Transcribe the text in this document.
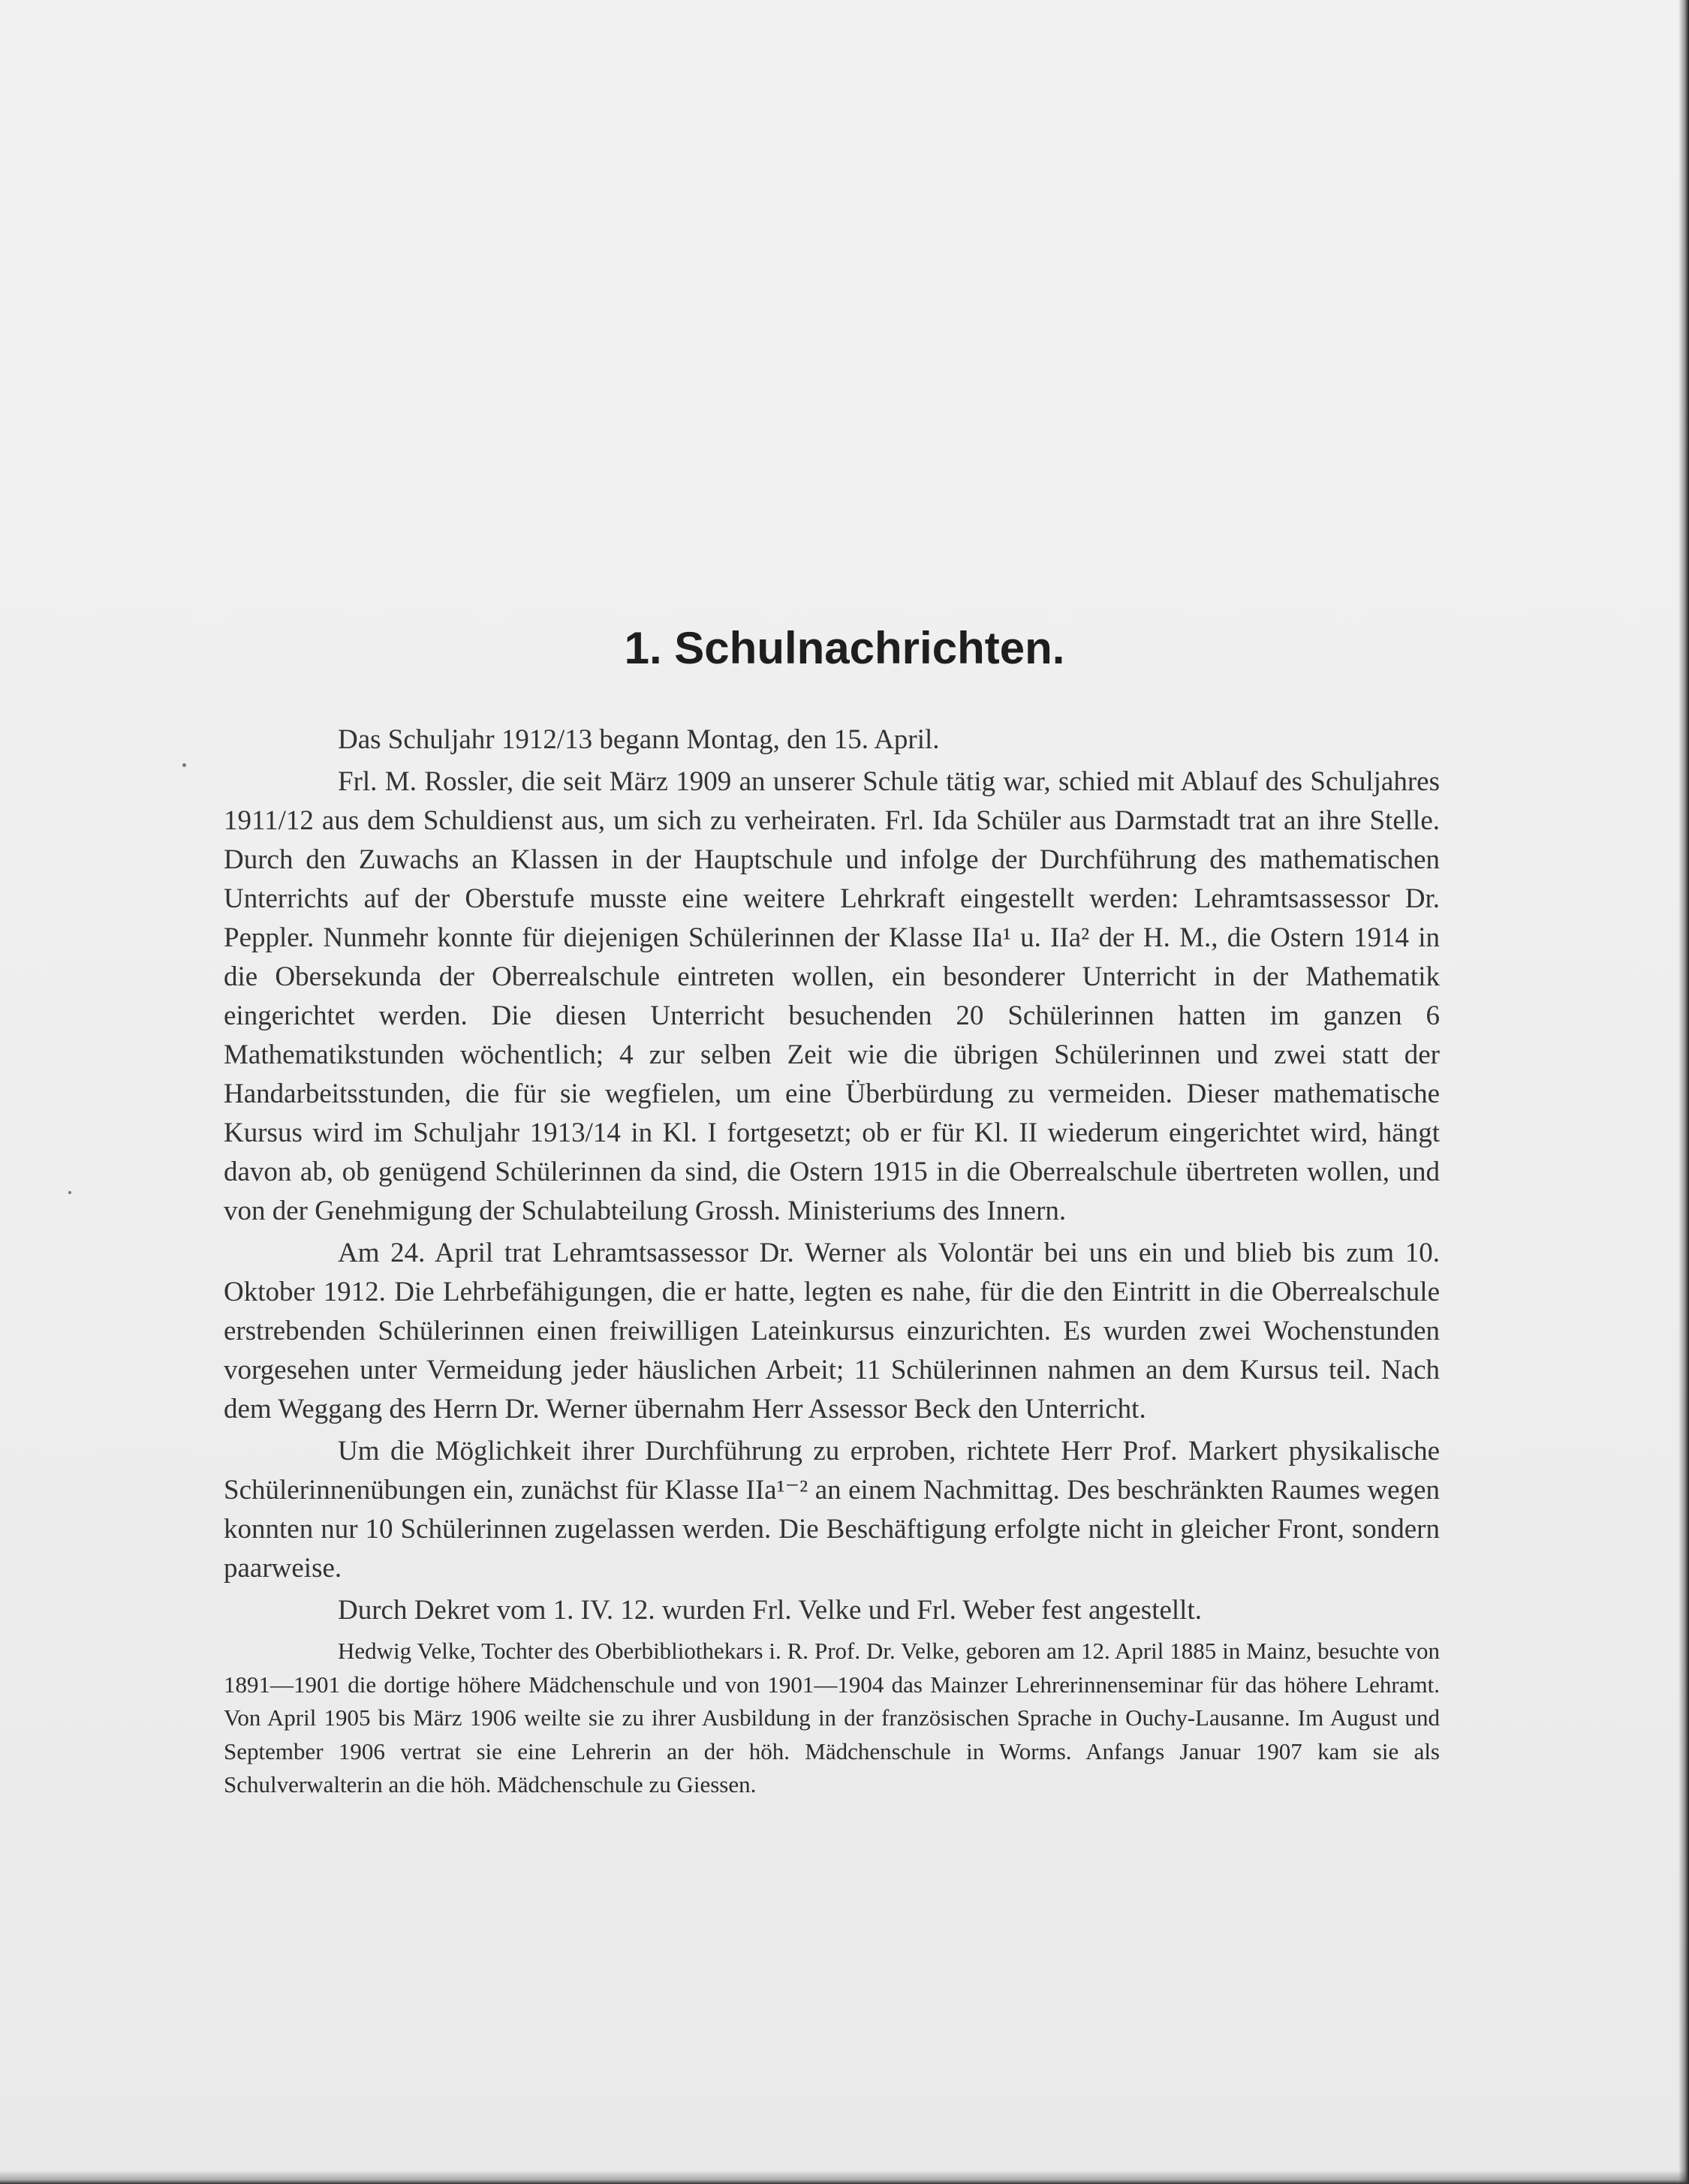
1. Schulnachrichten.

Das Schuljahr 1912/13 begann Montag, den 15. April.

Frl. M. Rossler, die seit März 1909 an unserer Schule tätig war, schied mit Ablauf des Schuljahres 1911/12 aus dem Schuldienst aus, um sich zu verheiraten. Frl. Ida Schüler aus Darmstadt trat an ihre Stelle. Durch den Zuwachs an Klassen in der Hauptschule und infolge der Durchführung des mathematischen Unterrichts auf der Oberstufe musste eine weitere Lehrkraft eingestellt werden: Lehramtsassessor Dr. Peppler. Nunmehr konnte für diejenigen Schülerinnen der Klasse IIa¹ u. IIa² der H. M., die Ostern 1914 in die Obersekunda der Oberrealschule eintreten wollen, ein besonderer Unterricht in der Mathematik eingerichtet werden. Die diesen Unterricht besuchenden 20 Schülerinnen hatten im ganzen 6 Mathematikstunden wöchentlich; 4 zur selben Zeit wie die übrigen Schülerinnen und zwei statt der Handarbeitsstunden, die für sie wegfielen, um eine Überbürdung zu vermeiden. Dieser mathematische Kursus wird im Schuljahr 1913/14 in Kl. I fortgesetzt; ob er für Kl. II wiederum eingerichtet wird, hängt davon ab, ob genügend Schülerinnen da sind, die Ostern 1915 in die Oberrealschule übertreten wollen, und von der Genehmigung der Schulabteilung Grossh. Ministeriums des Innern.

Am 24. April trat Lehramtsassessor Dr. Werner als Volontär bei uns ein und blieb bis zum 10. Oktober 1912. Die Lehrbefähigungen, die er hatte, legten es nahe, für die den Eintritt in die Oberrealschule erstrebenden Schülerinnen einen freiwilligen Lateinkursus einzurichten. Es wurden zwei Wochenstunden vorgesehen unter Vermeidung jeder häuslichen Arbeit; 11 Schülerinnen nahmen an dem Kursus teil. Nach dem Weggang des Herrn Dr. Werner übernahm Herr Assessor Beck den Unterricht.

Um die Möglichkeit ihrer Durchführung zu erproben, richtete Herr Prof. Markert physikalische Schülerinnenübungen ein, zunächst für Klasse IIa¹⁻² an einem Nachmittag. Des beschränkten Raumes wegen konnten nur 10 Schülerinnen zugelassen werden. Die Beschäftigung erfolgte nicht in gleicher Front, sondern paarweise.

Durch Dekret vom 1. IV. 12. wurden Frl. Velke und Frl. Weber fest angestellt.

Hedwig Velke, Tochter des Oberbibliothekars i. R. Prof. Dr. Velke, geboren am 12. April 1885 in Mainz, besuchte von 1891—1901 die dortige höhere Mädchenschule und von 1901—1904 das Mainzer Lehrerinnenseminar für das höhere Lehramt. Von April 1905 bis März 1906 weilte sie zu ihrer Ausbildung in der französischen Sprache in Ouchy-Lausanne. Im August und September 1906 vertrat sie eine Lehrerin an der höh. Mädchenschule in Worms. Anfangs Januar 1907 kam sie als Schulverwalterin an die höh. Mädchenschule zu Giessen.
